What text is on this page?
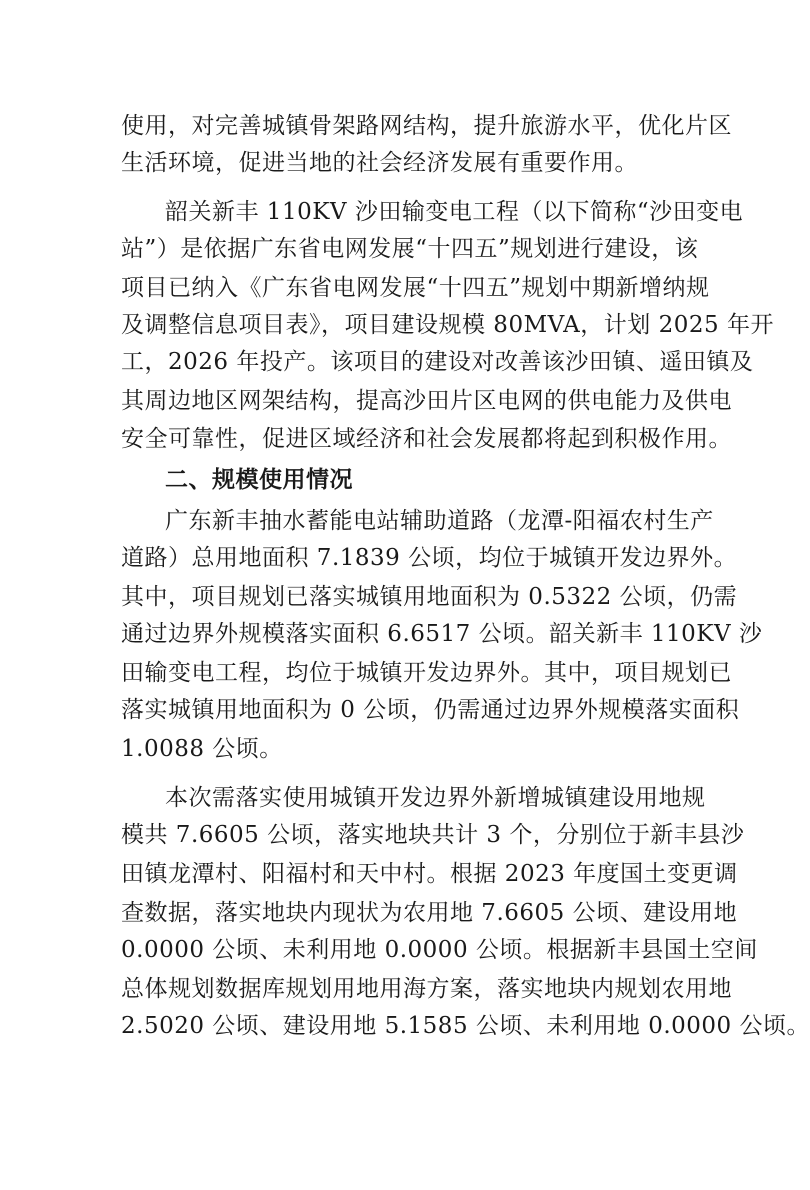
使用，对完善城镇骨架路网结构，提升旅游水平，优化片区
生活环境，促进当地的社会经济发展有重要作用。
韶关新丰 110KV 沙田输变电工程（以下简称“沙田变电
站”）是依据广东省电网发展“十四五”规划进行建设，该
项目已纳入《广东省电网发展“十四五”规划中期新增纳规
及调整信息项目表》，项目建设规模 80MVA，计划 2025 年开
工，2026 年投产。该项目的建设对改善该沙田镇、遥田镇及
其周边地区网架结构，提高沙田片区电网的供电能力及供电
安全可靠性，促进区域经济和社会发展都将起到积极作用。
二、规模使用情况
广东新丰抽水蓄能电站辅助道路（龙潭-阳福农村生产
道路）总用地面积 7.1839 公顷，均位于城镇开发边界外。
其中，项目规划已落实城镇用地面积为 0.5322 公顷，仍需
通过边界外规模落实面积 6.6517 公顷。韶关新丰 110KV 沙
田输变电工程，均位于城镇开发边界外。其中，项目规划已
落实城镇用地面积为 0 公顷，仍需通过边界外规模落实面积
1.0088 公顷。
本次需落实使用城镇开发边界外新增城镇建设用地规
模共 7.6605 公顷，落实地块共计 3 个，分别位于新丰县沙
田镇龙潭村、阳福村和天中村。根据 2023 年度国土变更调
查数据，落实地块内现状为农用地 7.6605 公顷、建设用地
0.0000 公顷、未利用地 0.0000 公顷。根据新丰县国土空间
总体规划数据库规划用地用海方案，落实地块内规划农用地
2.5020 公顷、建设用地 5.1585 公顷、未利用地 0.0000 公顷。
